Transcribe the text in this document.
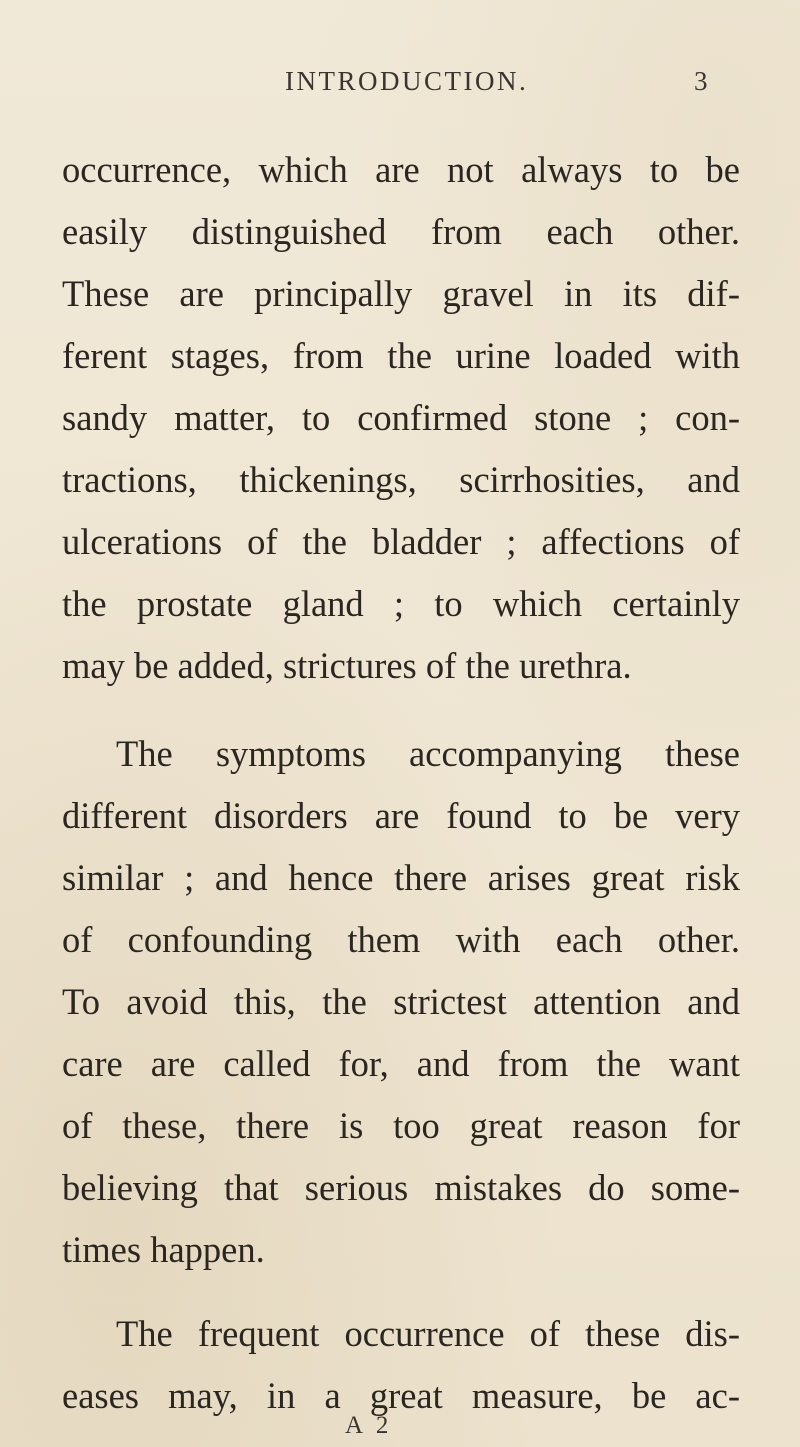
INTRODUCTION.	3
occurrence, which are not always to be
easily distinguished from each other.
These are principally gravel in its dif-
ferent stages, from the urine loaded with
sandy matter, to confirmed stone ; con-
tractions, thickenings, scirrhosities, and
ulcerations of the bladder ; affections of
the prostate gland ; to which certainly
may be added, strictures of the urethra.
The symptoms accompanying these
different disorders are found to be very
similar ; and hence there arises great risk
of confounding them with each other.
To avoid this, the strictest attention and
care are called for, and from the want
of these, there is too great reason for
believing that serious mistakes do some-
times happen.
The frequent occurrence of these dis-
eases may, in a great measure, be ac-
A 2
